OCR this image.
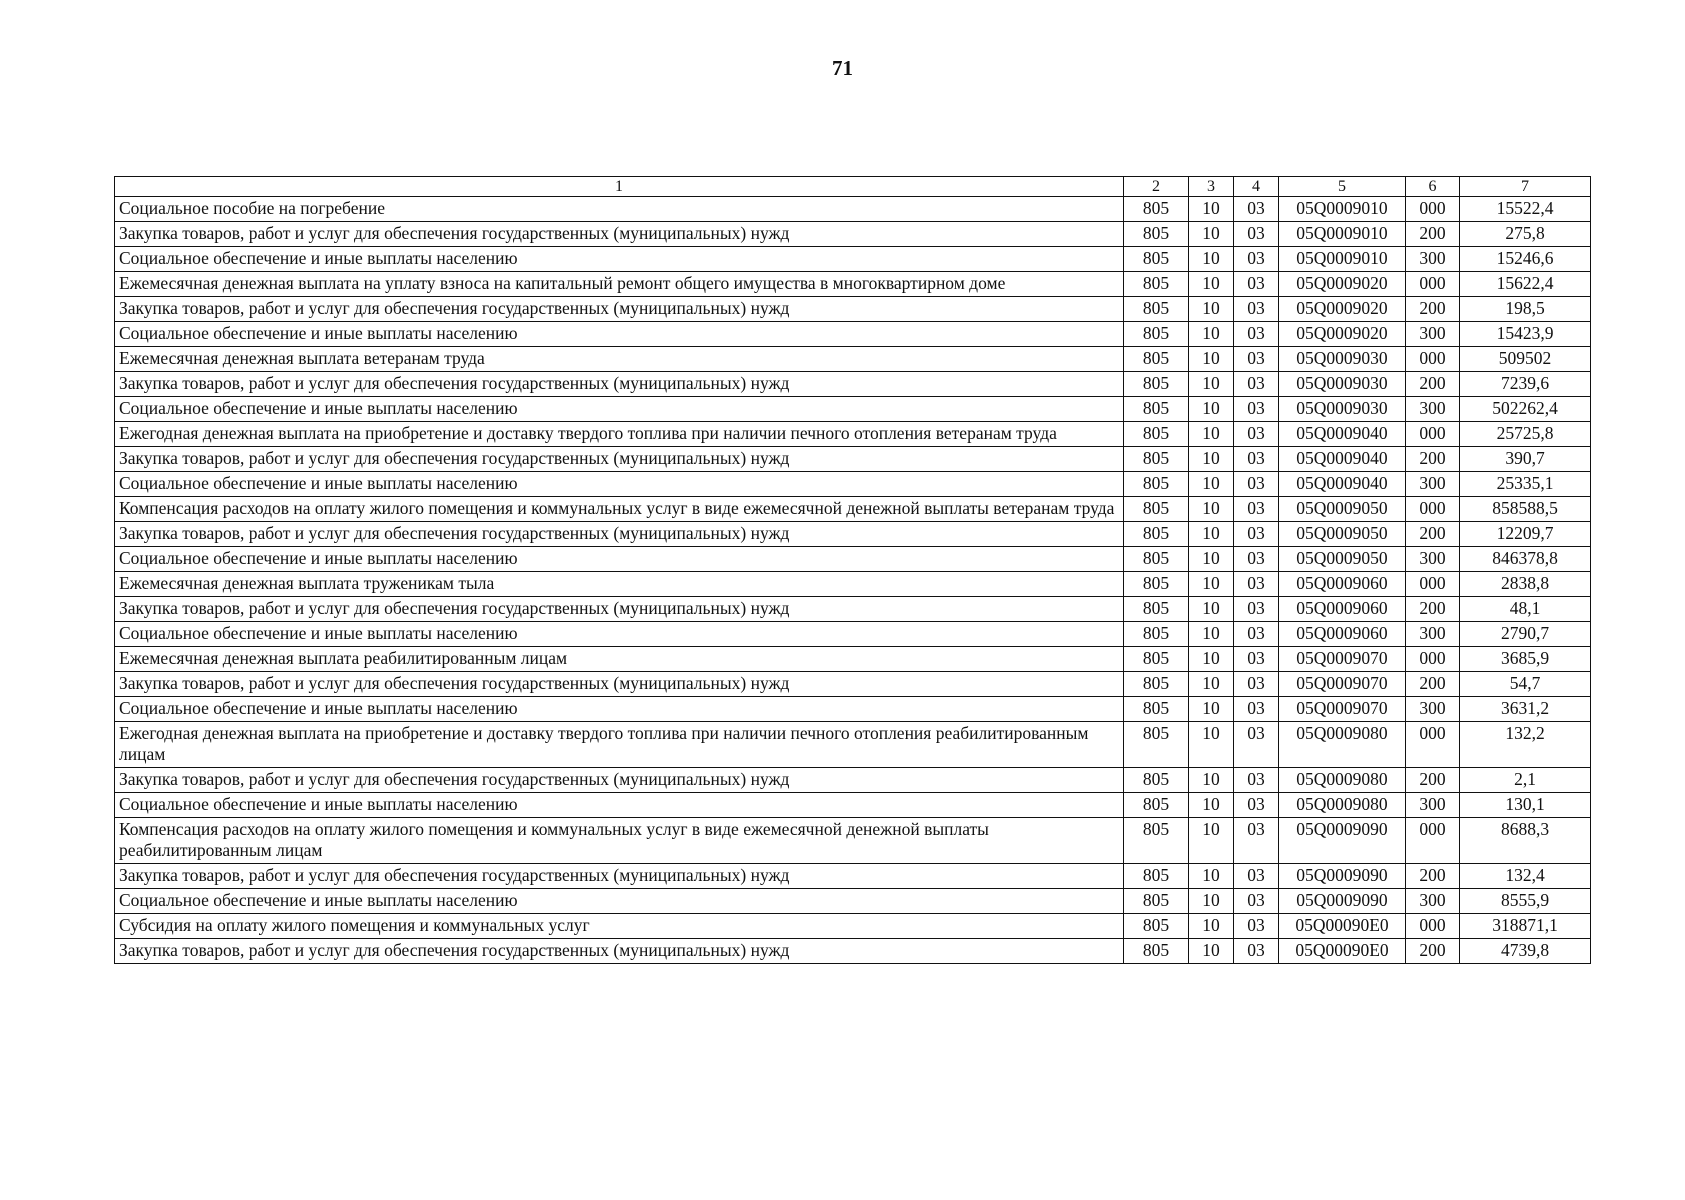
71
1	2	3	4	5	6	7
Социальное пособие на погребение	805	10	03	05Q0009010	000	15522,4
Закупка товаров, работ и услуг для обеспечения государственных (муниципальных) нужд	805	10	03	05Q0009010	200	275,8
Социальное обеспечение и иные выплаты населению	805	10	03	05Q0009010	300	15246,6
Ежемесячная денежная выплата на уплату взноса на капитальный ремонт общего имущества в многоквартирном доме	805	10	03	05Q0009020	000	15622,4
Закупка товаров, работ и услуг для обеспечения государственных (муниципальных) нужд	805	10	03	05Q0009020	200	198,5
Социальное обеспечение и иные выплаты населению	805	10	03	05Q0009020	300	15423,9
Ежемесячная денежная выплата ветеранам труда	805	10	03	05Q0009030	000	509502
Закупка товаров, работ и услуг для обеспечения государственных (муниципальных) нужд	805	10	03	05Q0009030	200	7239,6
Социальное обеспечение и иные выплаты населению	805	10	03	05Q0009030	300	502262,4
Ежегодная денежная выплата на приобретение и доставку твердого топлива при наличии печного отопления ветеранам труда	805	10	03	05Q0009040	000	25725,8
Закупка товаров, работ и услуг для обеспечения государственных (муниципальных) нужд	805	10	03	05Q0009040	200	390,7
Социальное обеспечение и иные выплаты населению	805	10	03	05Q0009040	300	25335,1
Компенсация расходов на оплату жилого помещения и коммунальных услуг в виде ежемесячной денежной выплаты ветеранам труда	805	10	03	05Q0009050	000	858588,5
Закупка товаров, работ и услуг для обеспечения государственных (муниципальных) нужд	805	10	03	05Q0009050	200	12209,7
Социальное обеспечение и иные выплаты населению	805	10	03	05Q0009050	300	846378,8
Ежемесячная денежная выплата труженикам тыла	805	10	03	05Q0009060	000	2838,8
Закупка товаров, работ и услуг для обеспечения государственных (муниципальных) нужд	805	10	03	05Q0009060	200	48,1
Социальное обеспечение и иные выплаты населению	805	10	03	05Q0009060	300	2790,7
Ежемесячная денежная выплата реабилитированным лицам	805	10	03	05Q0009070	000	3685,9
Закупка товаров, работ и услуг для обеспечения государственных (муниципальных) нужд	805	10	03	05Q0009070	200	54,7
Социальное обеспечение и иные выплаты населению	805	10	03	05Q0009070	300	3631,2
Ежегодная денежная выплата на приобретение и доставку твердого топлива при наличии печного отопления реабилитированным лицам	805	10	03	05Q0009080	000	132,2
Закупка товаров, работ и услуг для обеспечения государственных (муниципальных) нужд	805	10	03	05Q0009080	200	2,1
Социальное обеспечение и иные выплаты населению	805	10	03	05Q0009080	300	130,1
Компенсация расходов на оплату жилого помещения и коммунальных услуг в виде ежемесячной денежной выплаты реабилитированным лицам	805	10	03	05Q0009090	000	8688,3
Закупка товаров, работ и услуг для обеспечения государственных (муниципальных) нужд	805	10	03	05Q0009090	200	132,4
Социальное обеспечение и иные выплаты населению	805	10	03	05Q0009090	300	8555,9
Субсидия на оплату жилого помещения и коммунальных услуг	805	10	03	05Q00090E0	000	318871,1
Закупка товаров, работ и услуг для обеспечения государственных (муниципальных) нужд	805	10	03	05Q00090E0	200	4739,8
